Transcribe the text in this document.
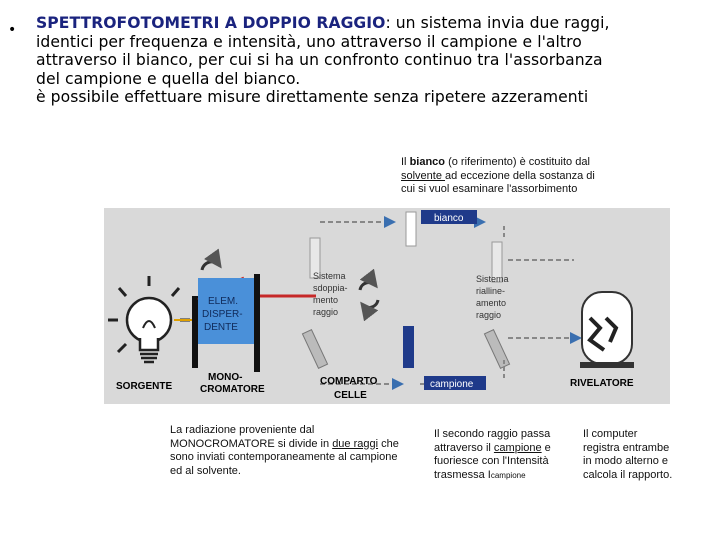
• SPETTROFOTOMETRI A DOPPIO RAGGIO: un sistema invia due raggi,
identici per frequenza e intensità, uno attraverso il campione e l'altro
attraverso il bianco, per cui si ha un confronto continuo tra l'assorbanza
del campione e quella del bianco.
è possibile effettuare misure direttamente senza ripetere azzeramenti
Il bianco (o riferimento) è costituito dal
solvente ad eccezione della sostanza di
cui si vuol esaminare l'assorbimento
SORGENTE
ELEM.
DISPER-
DENTE
MONO-
CROMATORE
Sistema
sdoppia-
mento
raggio
bianco
campione
COMPARTO
CELLE
Sistema
rialline-
amento
raggio
RIVELATORE
La radiazione proveniente dal
MONOCROMATORE si divide in due raggi che
sono inviati contemporaneamente al campione
ed al solvente.
Il secondo raggio passa
attraverso il campione e
fuoriesce con l'Intensità
trasmessa Icampione
Il computer
registra entrambe
in modo alterno e
calcola il rapporto.
